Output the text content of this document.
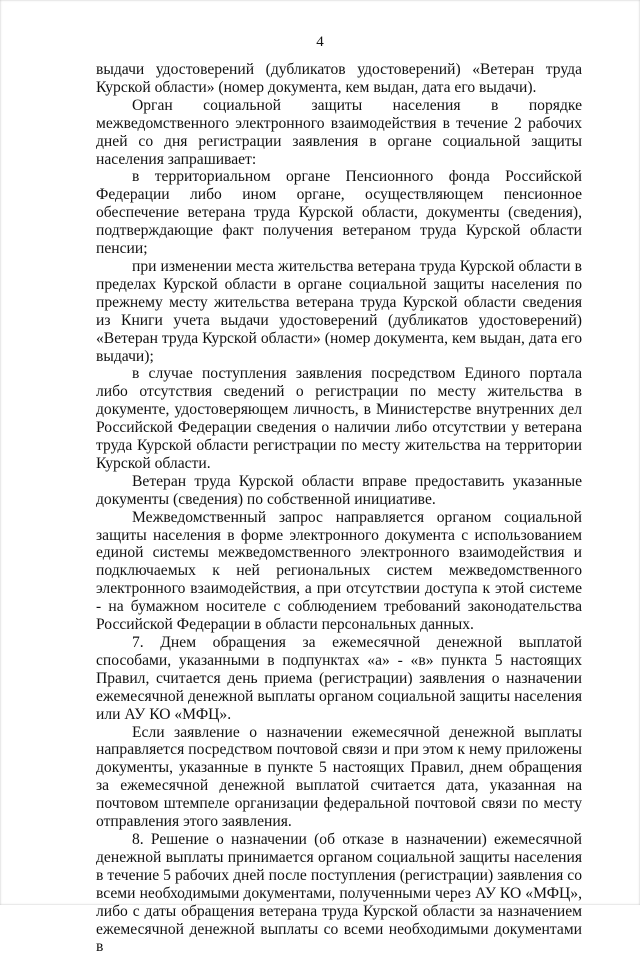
4

выдачи удостоверений (дубликатов удостоверений) «Ветеран труда Курской области» (номер документа, кем выдан, дата его выдачи).

Орган социальной защиты населения в порядке межведомственного электронного взаимодействия в течение 2 рабочих дней со дня регистрации заявления в органе социальной защиты населения запрашивает:

в территориальном органе Пенсионного фонда Российской Федерации либо ином органе, осуществляющем пенсионное обеспечение ветерана труда Курской области, документы (сведения), подтверждающие факт получения ветераном труда Курской области пенсии;

при изменении места жительства ветерана труда Курской области в пределах Курской области в органе социальной защиты населения по прежнему месту жительства ветерана труда Курской области сведения из Книги учета выдачи удостоверений (дубликатов удостоверений) «Ветеран труда Курской области» (номер документа, кем выдан, дата его выдачи);

в случае поступления заявления посредством Единого портала либо отсутствия сведений о регистрации по месту жительства в документе, удостоверяющем личность, в Министерстве внутренних дел Российской Федерации сведения о наличии либо отсутствии у ветерана труда Курской области регистрации по месту жительства на территории Курской области.

Ветеран труда Курской области вправе предоставить указанные документы (сведения) по собственной инициативе.

Межведомственный запрос направляется органом социальной защиты населения в форме электронного документа с использованием единой системы межведомственного электронного взаимодействия и подключаемых к ней региональных систем межведомственного электронного взаимодействия, а при отсутствии доступа к этой системе - на бумажном носителе с соблюдением требований законодательства Российской Федерации в области персональных данных.

7. Днем обращения за ежемесячной денежной выплатой способами, указанными в подпунктах «а» - «в» пункта 5 настоящих Правил, считается день приема (регистрации) заявления о назначении ежемесячной денежной выплаты органом социальной защиты населения или АУ КО «МФЦ».

Если заявление о назначении ежемесячной денежной выплаты направляется посредством почтовой связи и при этом к нему приложены документы, указанные в пункте 5 настоящих Правил, днем обращения за ежемесячной денежной выплатой считается дата, указанная на почтовом штемпеле организации федеральной почтовой связи по месту отправления этого заявления.

8. Решение о назначении (об отказе в назначении) ежемесячной денежной выплаты принимается органом социальной защиты населения в течение 5 рабочих дней после поступления (регистрации) заявления со всеми необходимыми документами, полученными через АУ КО «МФЦ», либо с даты обращения ветерана труда Курской области за назначением ежемесячной денежной выплаты со всеми необходимыми документами в
